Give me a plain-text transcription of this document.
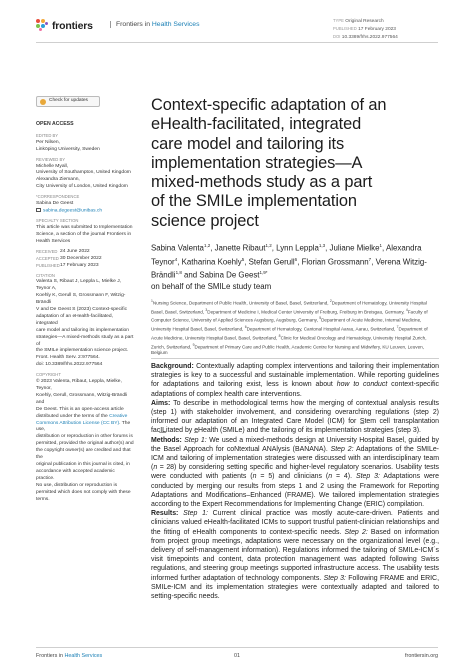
frontiers	Frontiers in Health Services
TYPE Original Research
PUBLISHED 17 February 2023
DOI 10.3389/frhs.2022.977564
Check for updates
OPEN ACCESS
EDITED BY
Per Nilsen,
Linköping University, Sweden
REVIEWED BY
Michelle Myall,
University of Southampton, United Kingdom
Alexandra Ziemann,
City University of London, United Kingdom
*CORRESPONDENCE
Sabina De Geest
sabina.degeest@unibas.ch
SPECIALTY SECTION
This article was submitted to Implementation
Science, a section of the journal Frontiers in
Health Services
RECEIVED 24 June 2022
ACCEPTED 30 December 2022
PUBLISHED 17 February 2023
CITATION
Valenta S, Ribaut J, Leppla L, Mielke J, Teynor A,
Koehly K, Gerull S, Grossmann F, Witzig-Brändli
V and De Geest S (2023) Context-specific
adaptation of an eHealth-facilitated, integrated
care model and tailoring its implementation
strategies—A mixed-methods study as a part of
the SMILe implementation science project.
Front. Health Serv. 2:977564.
doi: 10.3389/frhs.2022.977564
COPYRIGHT
© 2023 Valenta, Ribaut, Leppla, Mielke, Teynor,
Koehly, Gerull, Grossmann, Witzig-Brändli and
De Geest. This is an open-access article
distributed under the terms of the Creative
Commons Attribution License (CC BY). The use,
distribution or reproduction in other forums is
permitted, provided the original author(s) and
the copyright owner(s) are credited and that the
original publication in this journal is cited, in
accordance with accepted academic practice.
No use, distribution or reproduction is
permitted which does not comply with these
terms.
Context-specific adaptation of an
eHealth-facilitated, integrated
care model and tailoring its
implementation strategies—A
mixed-methods study as a part
of the SMILe implementation
science project
Sabina Valenta$^{1,2}$, Janette Ribaut$^{1,2}$, Lynn Leppla$^{1,3}$, Juliane Mielke$^1$, Alexandra Teynor$^4$, Katharina Koehly$^5$, Stefan Gerull$^6$, Florian Grossmann$^7$, Verena Witzig-Brändli$^{1,8}$ and Sabina De Geest$^{1,9*}$
on behalf of the SMILe study team
$^1$Nursing Science, Department of Public Health, University of Basel, Basel, Switzerland, $^2$Department of Hematology, University Hospital Basel, Basel, Switzerland, $^3$Department of Medicine I, Medical Center University of Freiburg, Freiburg im Breisgau, Germany, $^4$Faculty of Computer Science, University of Applied Sciences Augsburg, Augsburg, Germany, $^5$Department of Acute Medicine, Internal Medicine, University Hospital Basel, Basel, Switzerland, $^6$Department of Hematology, Cantonal Hospital Aarau, Aarau, Switzerland, $^7$Department of Acute Medicine, University Hospital Basel, Basel, Switzerland, $^8$Clinic for Medical Oncology and Hematology, University Hospital Zurich, Zurich, Switzerland, $^9$Department of Primary Care and Public Health, Academic Centre for Nursing and Midwifery, KU Leuven, Leuven, Belgium

Background: Contextually adapting complex interventions and tailoring their implementation strategies is key to a successful and sustainable implementation. While reporting guidelines for adaptations and tailoring exist, less is known about how to conduct context-specific adaptations of complex health care interventions.

Aims: To describe in methodological terms how the merging of contextual analysis results (step 1) with stakeholder involvement, and considering overarching regulations (step 2) informed our adaptation of an Integrated Care Model (ICM) for S̲tem cell transplantation facI̲L̲itated by e̲Health (SMILe) and the tailoring of its implementation strategies (step 3).

Methods: Step 1: We used a mixed-methods design at University Hospital Basel, guided by the Basel Approach for coNtextual ANAlysis (BANANA). Step 2: Adaptations of the SMILe-ICM and tailoring of implementation strategies were discussed with an interdisciplinary team (n = 28) by considering setting specific and higher-level regulatory scenarios. Usability tests were conducted with patients (n = 5) and clinicians (n = 4). Step 3: Adaptations were conducted by merging our results from steps 1 and 2 using the Framework for Reporting Adaptations and Modifications–Enhanced (FRAME). We tailored implementation strategies according to the Expert Recommendations for Implementing Change (ERIC) compilation.

Results: Step 1: Current clinical practice was mostly acute-care-driven. Patients and clinicians valued eHealth-facilitated ICMs to support trustful patient-clinician relationships and the fitting of eHealth components to context-specific needs. Step 2: Based on information from project group meetings, adaptations were necessary on the organizational level (e.g., delivery of self-management information). Regulations informed the tailoring of SMILe-ICM´s visit timepoints and content, data protection management was adapted following Swiss regulations, and steering group meetings supported infrastructure access. The usability tests informed further adaptation of technology components. Step 3: Following FRAME and ERIC, SMILe-ICM and its implementation strategies were contextually adapted and tailored to setting-specific needs.

Frontiers in Health Services	01	frontiersin.org
